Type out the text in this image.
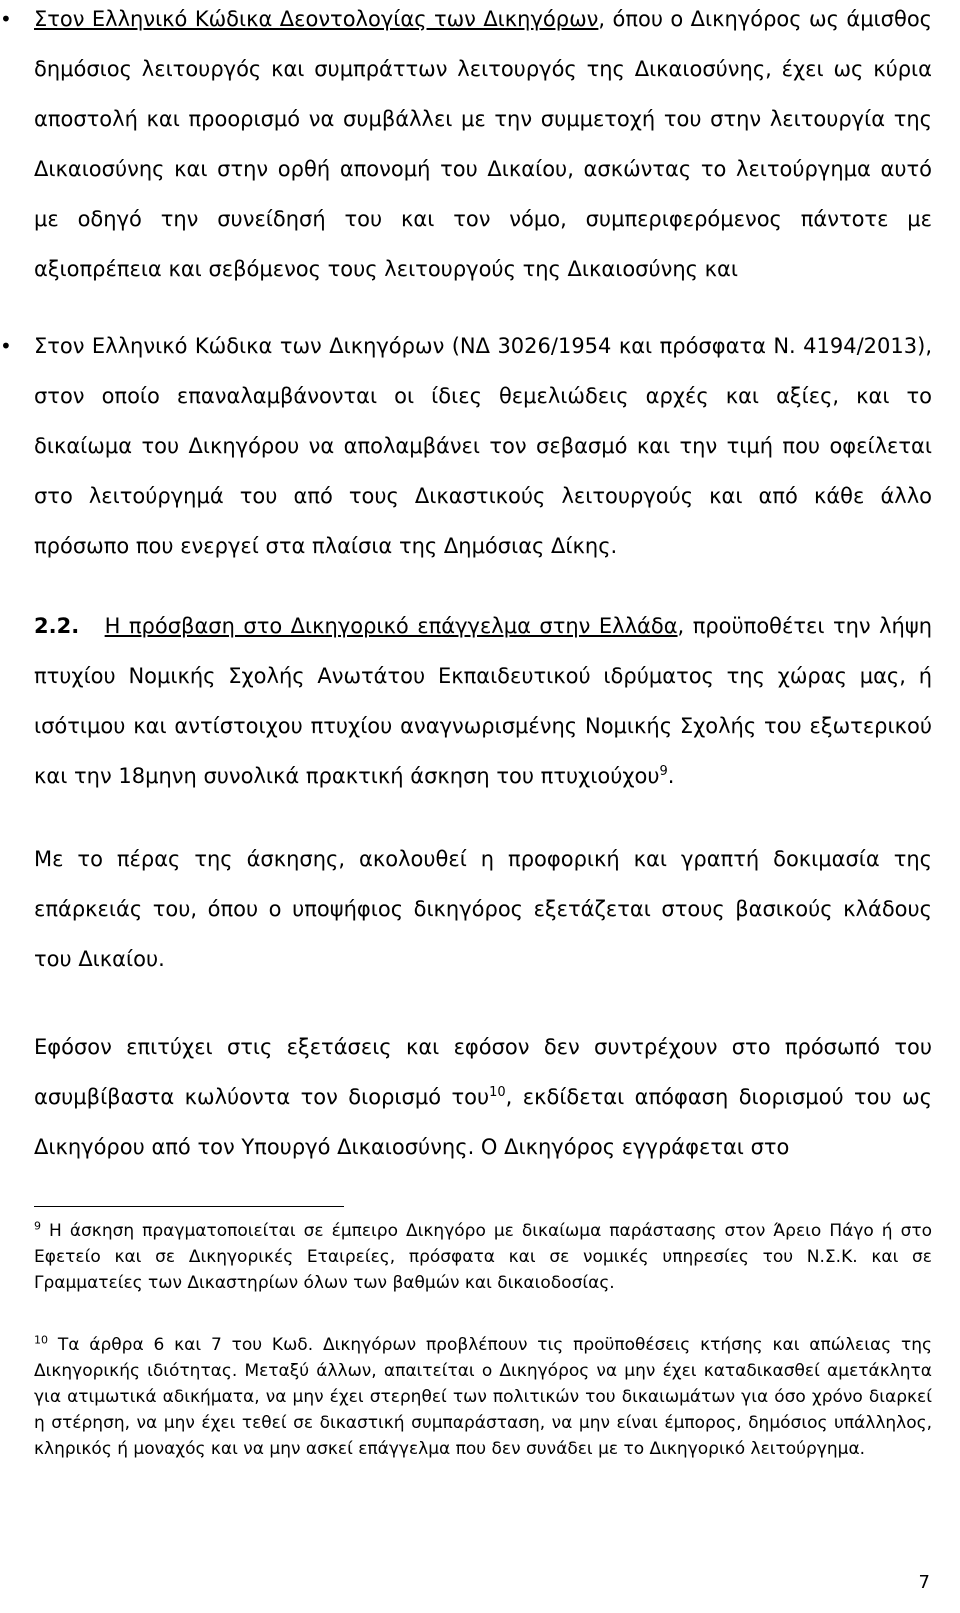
•	Στον Ελληνικό Κώδικα Δεοντολογίας των Δικηγόρων, όπου ο Δικηγόρος ως άμισθος δημόσιος λειτουργός και συμπράττων λειτουργός της Δικαιοσύνης, έχει ως κύρια αποστολή και προορισμό να συμβάλλει με την συμμετοχή του στην λειτουργία της Δικαιοσύνης και στην ορθή απονομή του Δικαίου, ασκώντας το λειτούργημα αυτό με οδηγό την συνείδησή του και τον νόμο, συμπεριφερόμενος πάντοτε με αξιοπρέπεια και σεβόμενος τους λειτουργούς της Δικαιοσύνης και
•	Στον Ελληνικό Κώδικα των Δικηγόρων (ΝΔ 3026/1954 και πρόσφατα Ν. 4194/2013), στον οποίο επαναλαμβάνονται οι ίδιες θεμελιώδεις αρχές και αξίες, και το δικαίωμα του Δικηγόρου να απολαμβάνει τον σεβασμό και την τιμή που οφείλεται στο λειτούργημά του από τους Δικαστικούς λειτουργούς και από κάθε άλλο πρόσωπο που ενεργεί στα πλαίσια της Δημόσιας Δίκης.
2.2. Η πρόσβαση στο Δικηγορικό επάγγελμα στην Ελλάδα, προϋποθέτει την λήψη πτυχίου Νομικής Σχολής Ανωτάτου Εκπαιδευτικού ιδρύματος της χώρας μας, ή ισότιμου και αντίστοιχου πτυχίου αναγνωρισμένης Νομικής Σχολής του εξωτερικού και την 18μηνη συνολικά πρακτική άσκηση του πτυχιούχου$^9$.
Με το πέρας της άσκησης, ακολουθεί η προφορική και γραπτή δοκιμασία της επάρκειάς του, όπου ο υποψήφιος δικηγόρος εξετάζεται στους βασικούς κλάδους του Δικαίου.
Εφόσον επιτύχει στις εξετάσεις και εφόσον δεν συντρέχουν στο πρόσωπό του ασυμβίβαστα κωλύοντα τον διορισμό του$^{10}$, εκδίδεται απόφαση διορισμού του ως Δικηγόρου από τον Υπουργό Δικαιοσύνης. Ο Δικηγόρος εγγράφεται στο
$^9$ Η άσκηση πραγματοποιείται σε έμπειρο Δικηγόρο με δικαίωμα παράστασης στον Άρειο Πάγο ή στο Εφετείο και σε Δικηγορικές Εταιρείες, πρόσφατα και σε νομικές υπηρεσίες του Ν.Σ.Κ. και σε Γραμματείες των Δικαστηρίων όλων των βαθμών και δικαιοδοσίας.
$^{10}$ Τα άρθρα 6 και 7 του Κωδ. Δικηγόρων προβλέπουν τις προϋποθέσεις κτήσης και απώλειας της Δικηγορικής ιδιότητας. Μεταξύ άλλων, απαιτείται ο Δικηγόρος να μην έχει καταδικασθεί αμετάκλητα για ατιμωτικά αδικήματα, να μην έχει στερηθεί των πολιτικών του δικαιωμάτων για όσο χρόνο διαρκεί η στέρηση, να μην έχει τεθεί σε δικαστική συμπαράσταση, να μην είναι έμπορος, δημόσιος υπάλληλος, κληρικός ή μοναχός και να μην ασκεί επάγγελμα που δεν συνάδει με το Δικηγορικό λειτούργημα.
7
